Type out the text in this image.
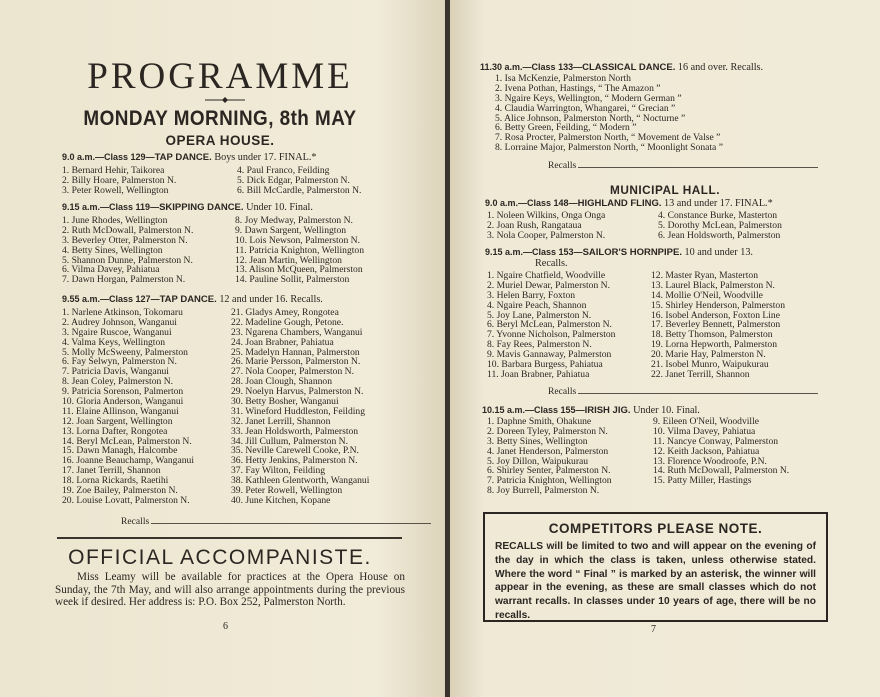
PROGRAMME
MONDAY MORNING, 8th MAY
OPERA HOUSE.
9.0 a.m.—Class 129—TAP DANCE. Boys under 17. FINAL.*
1. Bernard Hehir, Taikorea
2. Billy Hoare, Palmerston N.
3. Peter Rowell, Wellington
4. Paul Franco, Feilding
5. Dick Edgar, Palmerston N.
6. Bill McCardle, Palmerston N.
9.15 a.m.—Class 119—SKIPPING DANCE. Under 10. Final.
1. June Rhodes, Wellington
2. Ruth McDowall, Palmerston N.
3. Beverley Otter, Palmerston N.
4. Betty Sines, Wellington
5. Shannon Dunne, Palmerston N.
6. Vilma Davey, Pahiatua
7. Dawn Horgan, Palmerston N.
8. Joy Medway, Palmerston N.
9. Dawn Sargent, Wellington
10. Lois Newson, Palmerston N.
11. Patricia Knighton, Wellington
12. Jean Martin, Wellington
13. Alison McQueen, Palmerston
14. Pauline Sollit, Palmerston
9.55 a.m.—Class 127—TAP DANCE. 12 and under 16. Recalls.
1. Narlene Atkinson, Tokomaru
2. Audrey Johnson, Wanganui
3. Ngaire Ruscoe, Wanganui
4. Valma Keys, Wellington
5. Molly McSweeny, Palmerston
6. Fay Selwyn, Palmerston N.
7. Patricia Davis, Wanganui
8. Jean Coley, Palmerston N.
9. Patricia Sorenson, Palmerton
10. Gloria Anderson, Wanganui
11. Elaine Allinson, Wanganui
12. Joan Sargent, Wellington
13. Lorna Dafter, Rongotea
14. Beryl McLean, Palmerston N.
15. Dawn Managh, Halcombe
16. Joanne Beauchamp, Wanganui
17. Janet Terrill, Shannon
18. Lorna Rickards, Raetihi
19. Zoe Bailey, Palmerston N.
20. Louise Lovatt, Palmerston N.
21. Gladys Amey, Rongotea
22. Madeline Gough, Petone.
23. Ngarena Chambers, Wanganui
24. Joan Brabner, Pahiatua
25. Madelyn Hannan, Palmerston
26. Marie Persson, Palmerston N.
27. Nola Cooper, Palmerston N.
28. Joan Clough, Shannon
29. Noelyn Harvus, Palmerston N.
30. Betty Bosher, Wanganui
31. Wineford Huddleston, Feilding
32. Janet Lerrill, Shannon
33. Jean Holdsworth, Palmerston
34. Jill Cullum, Palmerston N.
35. Neville Carewell Cooke, P.N.
36. Hetty Jenkins, Palmerston N.
37. Fay Wilton, Feilding
38. Kathleen Glentworth, Wanganui
39. Peter Rowell, Wellington
40. June Kitchen, Kopane
Recalls
OFFICIAL ACCOMPANISTE.
Miss Leamy will be available for practices at the Opera House on Sunday, the 7th May, and will also arrange appointments during the previous week if desired. Her address is: P.O. Box 252, Palmerston North.
6
11.30 a.m.—Class 133—CLASSICAL DANCE. 16 and over. Recalls.
1. Isa McKenzie, Palmerston North
2. Ivena Pothan, Hastings, “ The Amazon ”
3. Ngaire Keys, Wellington, “ Modern German ”
4. Claudia Warrington, Whangarei, “ Grecian ”
5. Alice Johnson, Palmerston North, “ Nocturne ”
6. Betty Green, Feilding, “ Modern ”
7. Rosa Procter, Palmerston North, “ Movement de Valse ”
8. Lorraine Major, Palmerston North, “ Moonlight Sonata ”
Recalls
MUNICIPAL HALL.
9.0 a.m.—Class 148—HIGHLAND FLING. 13 and under 17. FINAL.*
1. Noleen Wilkins, Onga Onga
2. Joan Rush, Rangataua
3. Nola Cooper, Palmerston N.
4. Constance Burke, Masterton
5. Dorothy McLean, Palmerston
6. Jean Holdsworth, Palmerston
9.15 a.m.—Class 153—SAILOR'S HORNPIPE. 10 and under 13.
Recalls.
1. Ngaire Chatfield, Woodville
2. Muriel Dewar, Palmerston N.
3. Helen Barry, Foxton
4. Ngaire Peach, Shannon
5. Joy Lane, Palmerston N.
6. Beryl McLean, Palmerston N.
7. Yvonne Nicholson, Palmerston
8. Fay Rees, Palmerston N.
9. Mavis Gannaway, Palmerston
10. Barbara Burgess, Pahiatua
11. Joan Brabner, Pahiatua
12. Master Ryan, Masterton
13. Laurel Black, Palmerston N.
14. Mollie O'Neil, Woodville
15. Shirley Henderson, Palmerston
16. Isobel Anderson, Foxton Line
17. Beverley Bennett, Palmerston
18. Betty Thomson, Palmerston
19. Lorna Hepworth, Palmerston
20. Marie Hay, Palmerston N.
21. Isobel Munro, Waipukurau
22. Janet Terrill, Shannon
Recalls
10.15 a.m.—Class 155—IRISH JIG. Under 10. Final.
1. Daphne Smith, Ohakune
2. Doreen Tyley, Palmerston N.
3. Betty Sines, Wellington
4. Janet Henderson, Palmerston
5. Joy Dillon, Waipukurau
6. Shirley Senter, Palmerston N.
7. Patricia Knighton, Wellington
8. Joy Burrell, Palmerston N.
9. Eileen O'Neil, Woodville
10. Vilma Davey, Pahiatua
11. Nancye Conway, Palmerston
12. Keith Jackson, Pahiatua
13. Florence Woodroofe, P.N.
14. Ruth McDowall, Palmerston N.
15. Patty Miller, Hastings
7
COMPETITORS PLEASE NOTE.
RECALLS will be limited to two and will appear on the evening of the day in which the class is taken, unless otherwise stated. Where the word “ Final ” is marked by an asterisk, the winner will appear in the evening, as these are small classes which do not warrant recalls. In classes under 10 years of age, there will be no recalls.
